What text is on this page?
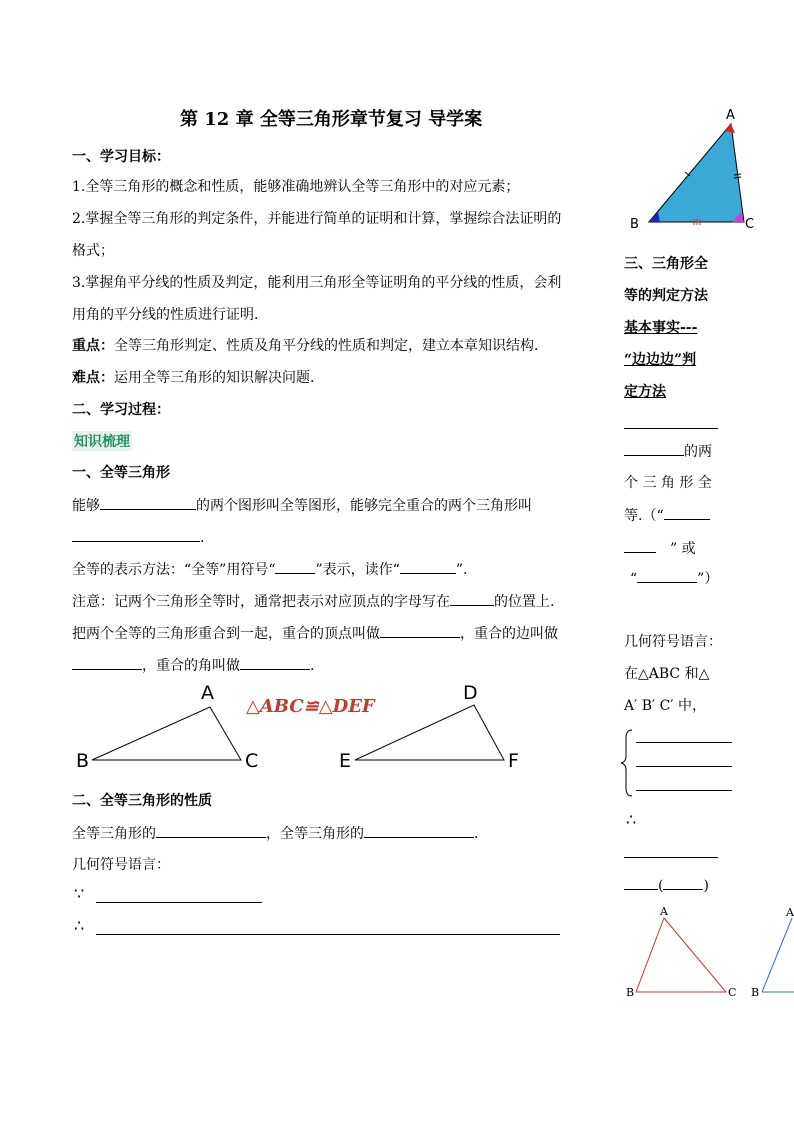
第 12 章 全等三角形章节复习 导学案
一、学习目标：
1.全等三角形的概念和性质，能够准确地辨认全等三角形中的对应元素；
2.掌握全等三角形的判定条件，并能进行简单的证明和计算，掌握综合法证明的
格式；
3.掌握角平分线的性质及判定，能利用三角形全等证明角的平分线的性质，会利
用角的平分线的性质进行证明.
重点：全等三角形判定、性质及角平分线的性质和判定，建立本章知识结构.
难点：运用全等三角形的知识解决问题.
二、学习过程：
知识梳理
一、全等三角形
能够	的两个图形叫全等图形，能够完全重合的两个三角形叫
.
全等的表示方法：“全等”用符号“	”表示，读作“	”.
注意：记两个三角形全等时，通常把表示对应顶点的字母写在	的位置上.
把两个全等的三角形重合到一起，重合的顶点叫做	，重合的边叫做
，重合的角叫做	.
A
B	C
D
E	F
△ABC≌△DEF
二、全等三角形的性质
全等三角形的	，全等三角形的	.
几何符号语言：
∵
∴
A
B	C
三、三角形全
等的判定方法
基本事实---
“边边边”判
定方法
的两
个 三 角 形 全
等.（“
” 或
“	”）
几何符号语言：
在△ABC 和△
A′ B′ C′ 中，
∴
(	)
A
B	C
A
B
